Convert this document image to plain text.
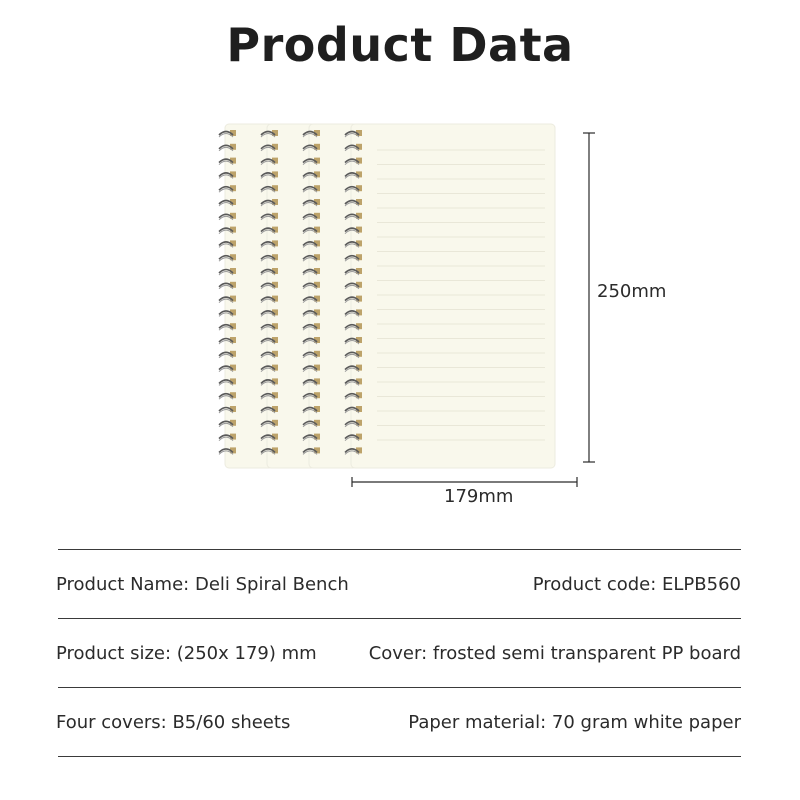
Product Data
250mm
179mm
Product Name: Deli Spiral Bench	Product code: ELPB560
Product size: (250x 179) mm	Cover: frosted semi transparent PP board
Four covers: B5/60 sheets	Paper material: 70 gram white paper
